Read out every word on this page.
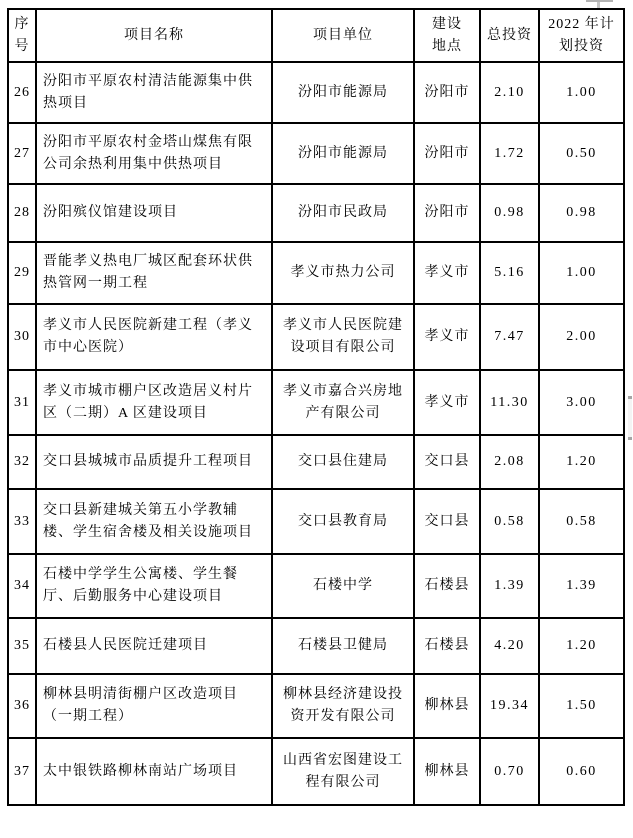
序号	项目名称	项目单位	建设地点	总投资	2022 年计划投资
26	汾阳市平原农村清洁能源集中供热项目	汾阳市能源局	汾阳市	2.10	1.00
27	汾阳市平原农村金塔山煤焦有限公司余热利用集中供热项目	汾阳市能源局	汾阳市	1.72	0.50
28	汾阳殡仪馆建设项目	汾阳市民政局	汾阳市	0.98	0.98
29	晋能孝义热电厂城区配套环状供热管网一期工程	孝义市热力公司	孝义市	5.16	1.00
30	孝义市人民医院新建工程（孝义市中心医院）	孝义市人民医院建设项目有限公司	孝义市	7.47	2.00
31	孝义市城市棚户区改造居义村片区（二期）A 区建设项目	孝义市嘉合兴房地产有限公司	孝义市	11.30	3.00
32	交口县城城市品质提升工程项目	交口县住建局	交口县	2.08	1.20
33	交口县新建城关第五小学教辅楼、学生宿舍楼及相关设施项目	交口县教育局	交口县	0.58	0.58
34	石楼中学学生公寓楼、学生餐厅、后勤服务中心建设项目	石楼中学	石楼县	1.39	1.39
35	石楼县人民医院迁建项目	石楼县卫健局	石楼县	4.20	1.20
36	柳林县明清街棚户区改造项目（一期工程）	柳林县经济建设投资开发有限公司	柳林县	19.34	1.50
37	太中银铁路柳林南站广场项目	山西省宏图建设工程有限公司	柳林县	0.70	0.60
